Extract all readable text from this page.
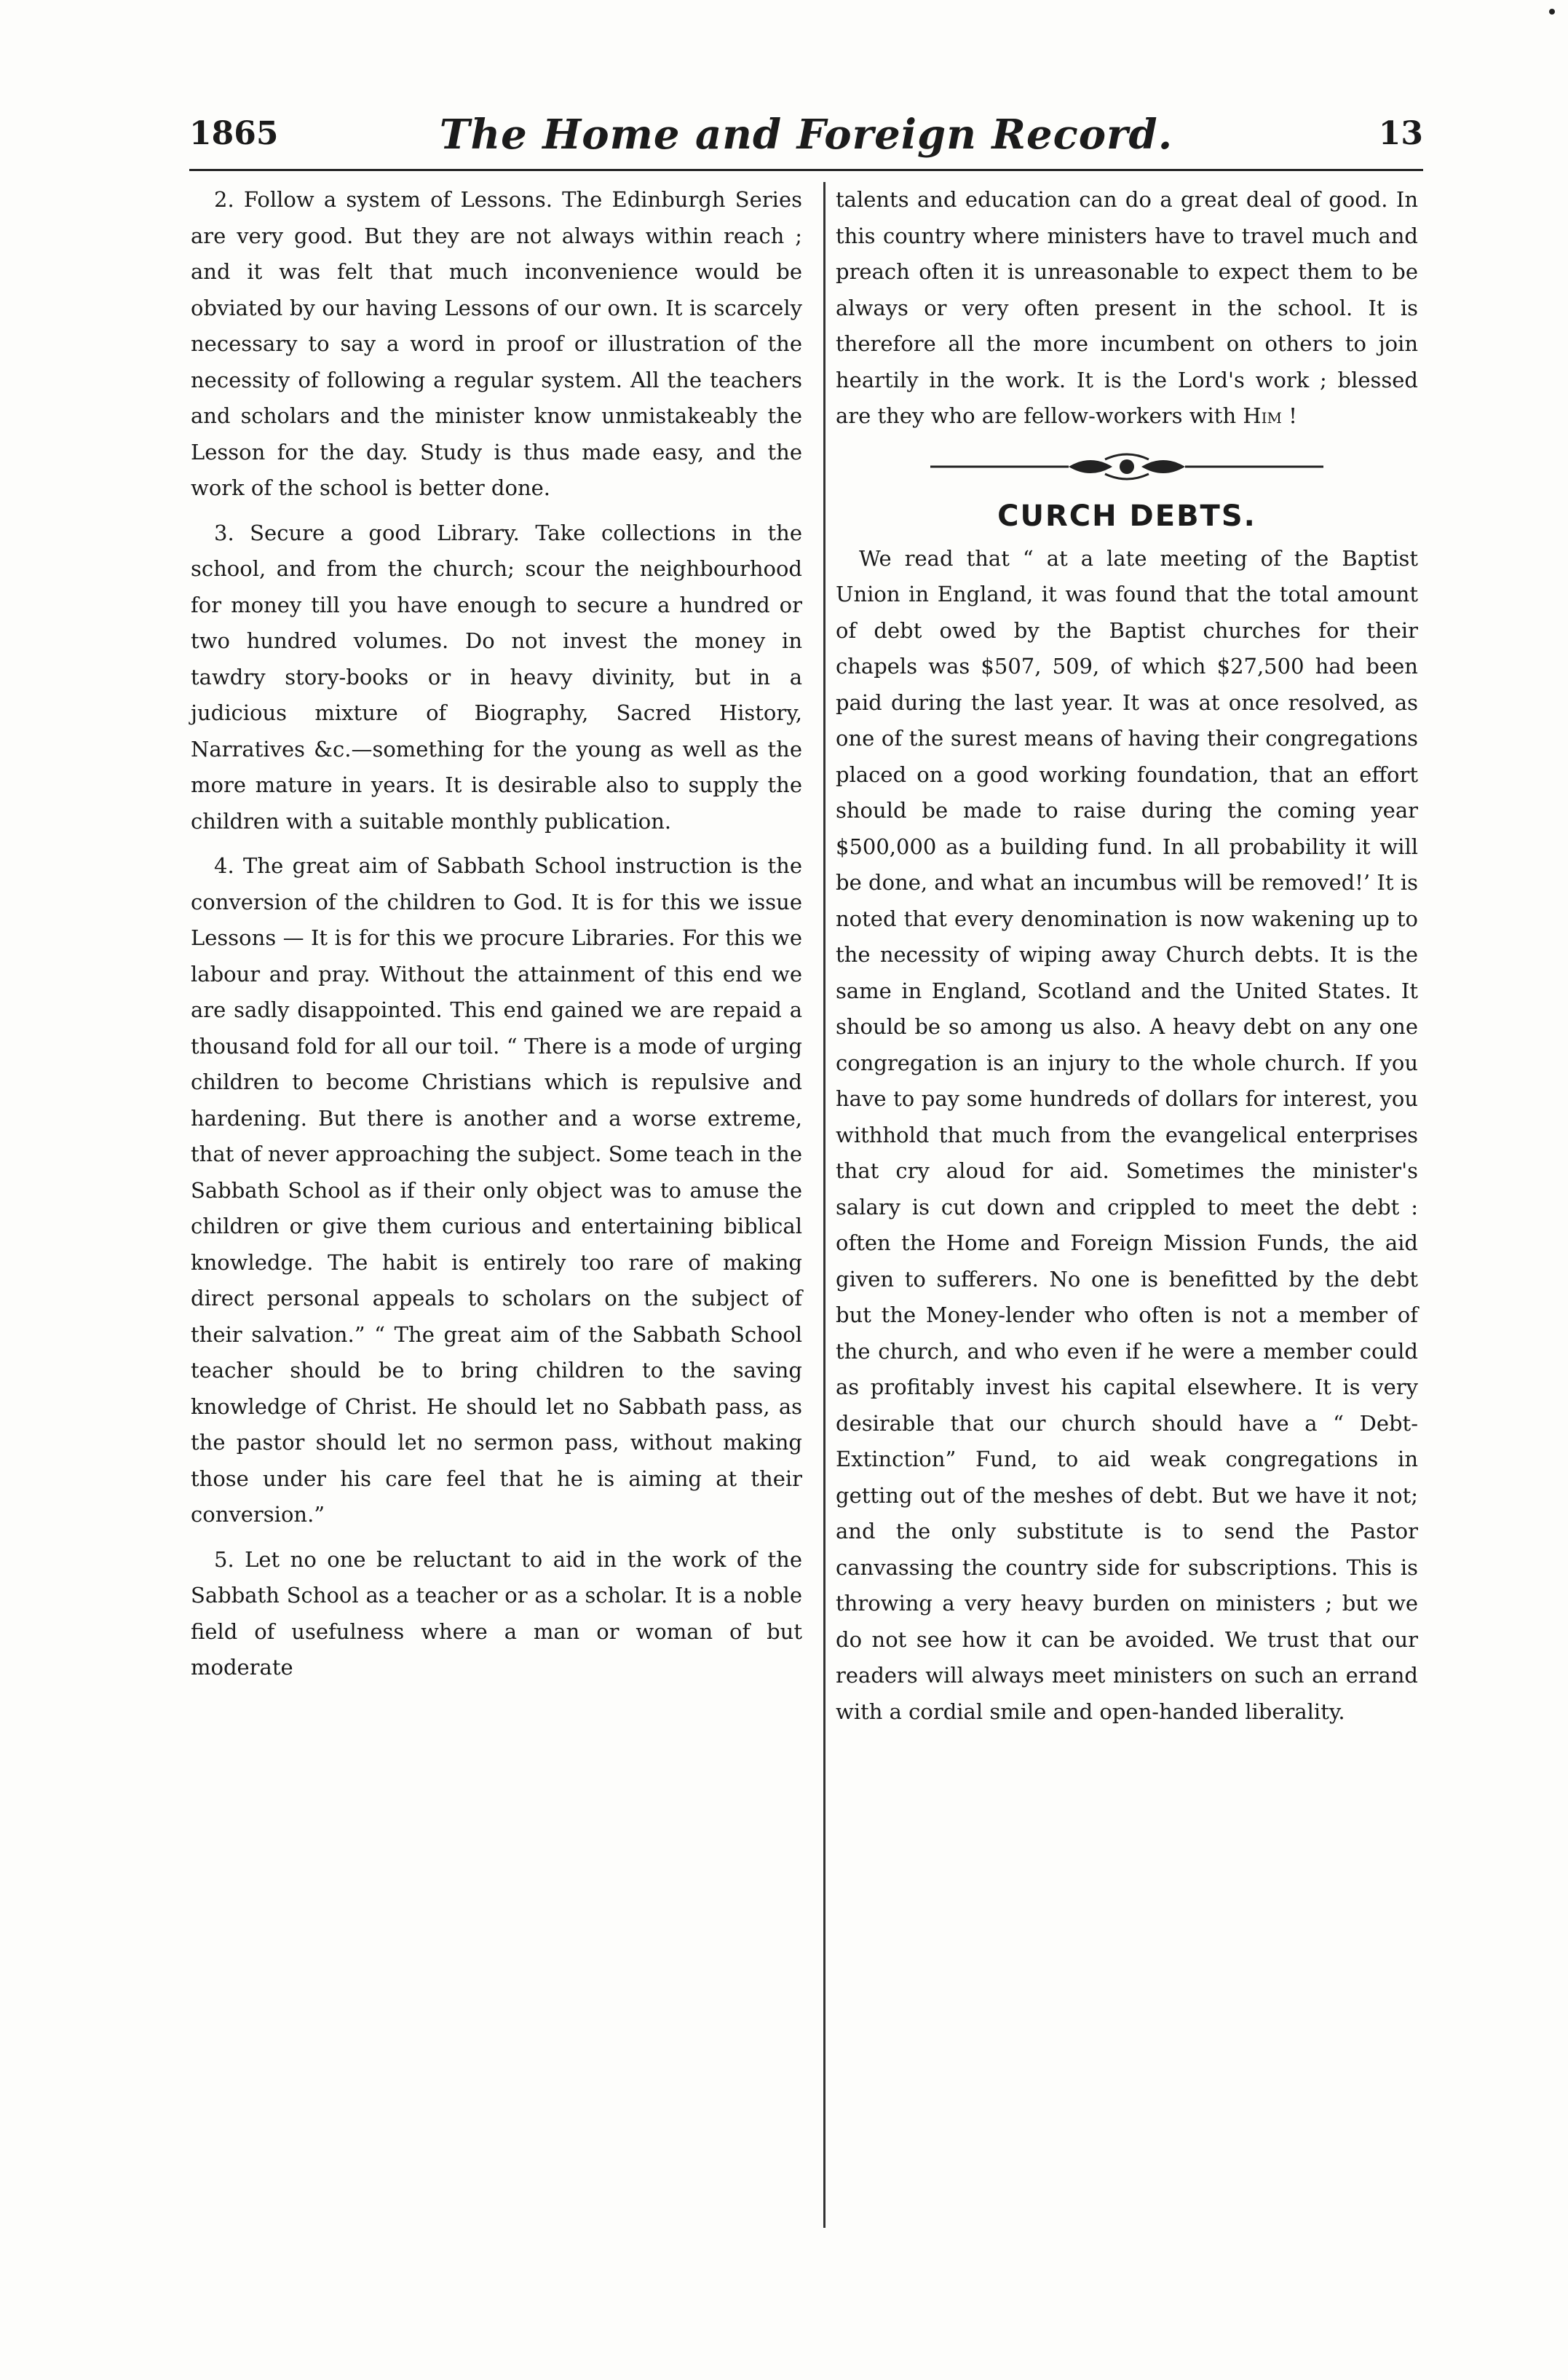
1865	The Home and Foreign Record.	13

2. Follow a system of Lessons. The Edinburgh Series are very good. But they are not always within reach ; and it was felt that much inconvenience would be obviated by our having Lessons of our own. It is scarcely necessary to say a word in proof or illustration of the necessity of following a regular system. All the teachers and scholars and the minister know unmistakeably the Lesson for the day. Study is thus made easy, and the work of the school is better done.

3. Secure a good Library. Take collections in the school, and from the church; scour the neighbourhood for money till you have enough to secure a hundred or two hundred volumes. Do not invest the money in tawdry story-books or in heavy divinity, but in a judicious mixture of Biography, Sacred History, Narratives &c.—something for the young as well as the more mature in years. It is desirable also to supply the children with a suitable monthly publication.

4. The great aim of Sabbath School instruction is the conversion of the children to God. It is for this we issue Lessons — It is for this we procure Libraries. For this we labour and pray. Without the attainment of this end we are sadly disappointed. This end gained we are repaid a thousand fold for all our toil. “ There is a mode of urging children to become Christians which is repulsive and hardening. But there is another and a worse extreme, that of never approaching the subject. Some teach in the Sabbath School as if their only object was to amuse the children or give them curious and entertaining biblical knowledge. The habit is entirely too rare of making direct personal appeals to scholars on the subject of their salvation.” “ The great aim of the Sabbath School teacher should be to bring children to the saving knowledge of Christ. He should let no Sabbath pass, as the pastor should let no sermon pass, without making those under his care feel that he is aiming at their conversion.”

5. Let no one be reluctant to aid in the work of the Sabbath School as a teacher or as a scholar. It is a noble field of usefulness where a man or woman of but moderate

talents and education can do a great deal of good. In this country where ministers have to travel much and preach often it is unreasonable to expect them to be always or very often present in the school. It is therefore all the more incumbent on others to join heartily in the work. It is the Lord's work ; blessed are they who are fellow-workers with Him !

CURCH DEBTS.

We read that “ at a late meeting of the Baptist Union in England, it was found that the total amount of debt owed by the Baptist churches for their chapels was $507, 509, of which $27,500 had been paid during the last year. It was at once resolved, as one of the surest means of having their congregations placed on a good working foundation, that an effort should be made to raise during the coming year $500,000 as a building fund. In all probability it will be done, and what an incumbus will be removed!’ It is noted that every denomination is now wakening up to the necessity of wiping away Church debts. It is the same in England, Scotland and the United States. It should be so among us also. A heavy debt on any one congregation is an injury to the whole church. If you have to pay some hundreds of dollars for interest, you withhold that much from the evangelical enterprises that cry aloud for aid. Sometimes the minister's salary is cut down and crippled to meet the debt : often the Home and Foreign Mission Funds, the aid given to sufferers. No one is benefitted by the debt but the Money-lender who often is not a member of the church, and who even if he were a member could as profitably invest his capital elsewhere. It is very desirable that our church should have a “ Debt-Extinction” Fund, to aid weak congregations in getting out of the meshes of debt. But we have it not; and the only substitute is to send the Pastor canvassing the country side for subscriptions. This is throwing a very heavy burden on ministers ; but we do not see how it can be avoided. We trust that our readers will always meet ministers on such an errand with a cordial smile and open-handed liberality.
